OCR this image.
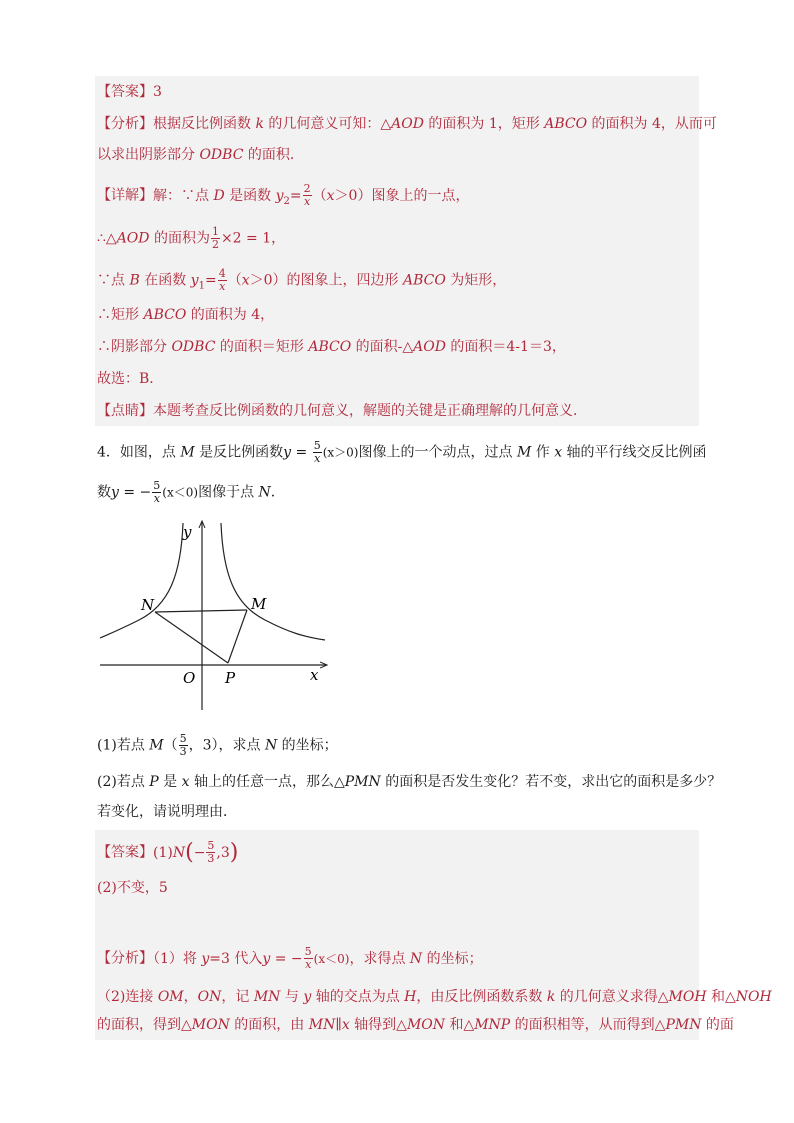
【答案】3
【分析】根据反比例函数 k 的几何意义可知：△AOD 的面积为 1，矩形 ABCO 的面积为 4，从而可
以求出阴影部分 ODBC 的面积．
【详解】解：∵点 D 是函数 $y_2= \frac{2}{x} (x>0)$图象上的一点，
∴△AOD 的面积为 $\frac{1}{2} \times 2 = 1$，
∵点 B 在函数 $y_1= \frac{4}{x} (x>0)$的图象上，四边形 ABCO 为矩形，
∴矩形 ABCO 的面积为 4，
∴阴影部分 ODBC 的面积＝矩形 ABCO 的面积-△AOD 的面积＝4-1＝3，
故选：B．
【点睛】本题考查反比例函数的几何意义，解题的关键是正确理解的几何意义．
4．如图，点 M 是反比例函数$y = \frac{5}{x} (x>0)$图像上的一个动点，过点 M 作 x 轴的平行线交反比例函
数y = − $\frac{5}{x} (x<0)$图像于点 N．
y
x
O
N	M
P
(1)若点 $M( \frac{5}{3}$ ，3），求点 N 的坐标；
(2)若点 P 是 x 轴上的任意一点，那么△PMN 的面积是否发生变化？若不变，求出它的面积是多少？
若变化，请说明理由．
【答案】$(1)N(- \frac{5}{3} ,3)$
(2)不变，5
【分析】（1）将 y=3 代入y = − $\frac{5}{x} (x<0)$，求得点 N 的坐标；
（2)连接 OM，ON，记 MN 与 y 轴的交点为点 H，由反比例函数系数 k 的几何意义求得△MOH 和△NOH
的面积，得到△MON 的面积，由 MN∥x 轴得到△MON 和△MNP 的面积相等，从而得到△PMN 的面
